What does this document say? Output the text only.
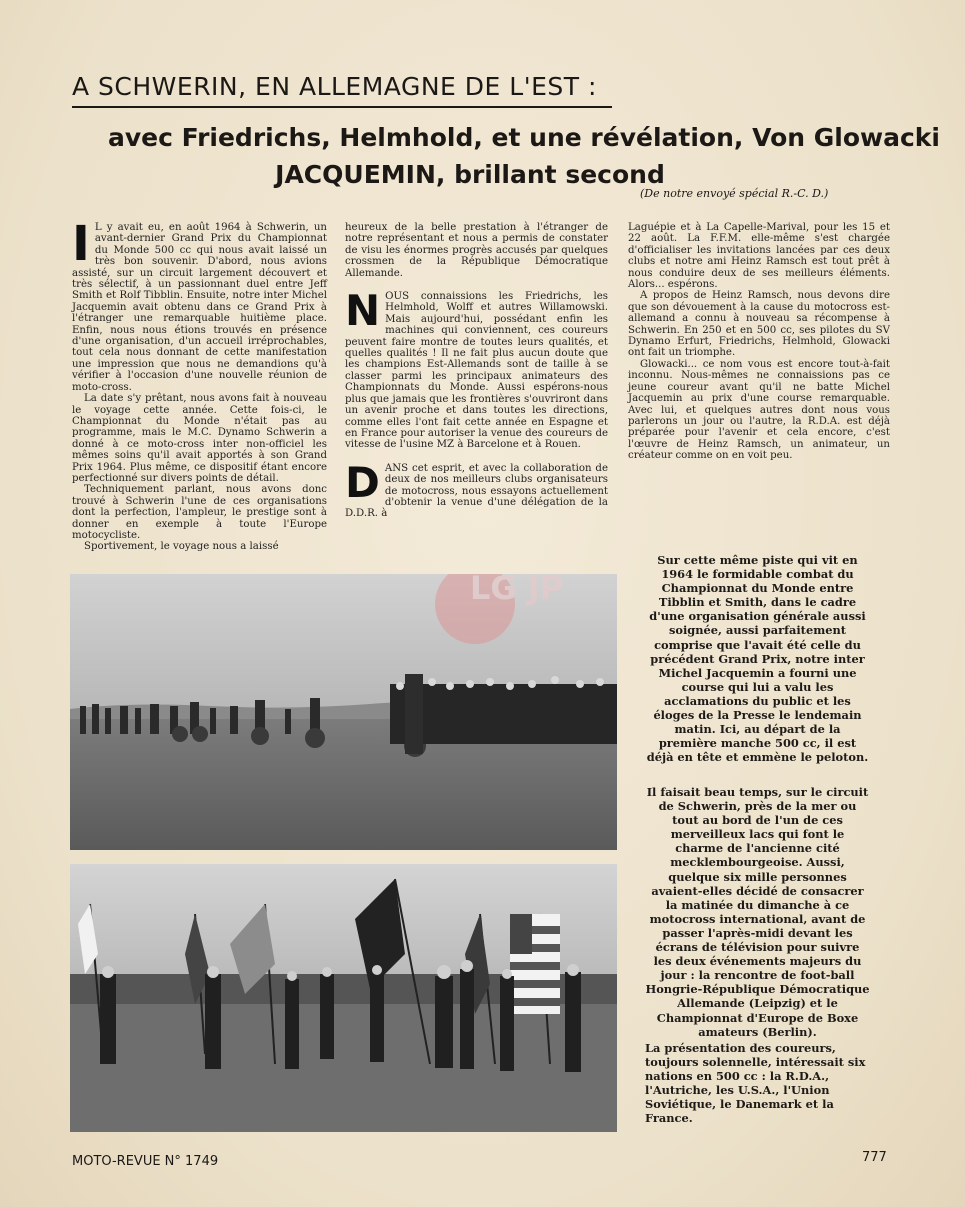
A SCHWERIN, EN ALLEMAGNE DE L'EST :
avec Friedrichs, Helmhold, et une révélation, Von Glowacki
JACQUEMIN, brillant second
(De notre envoyé spécial R.-C. D.)

I L y avait eu, en août 1964 à Schwerin, un avant-dernier Grand Prix du Championnat du Monde 500 cc qui nous avait laissé un très bon souvenir. D'abord, nous avions assisté, sur un circuit largement découvert et très sélectif, à un passionnant duel entre Jeff Smith et Rolf Tibblin. Ensuite, notre inter Michel Jacquemin avait obtenu dans ce Grand Prix à l'étranger une remarquable huitième place. Enfin, nous nous étions trouvés en présence d'une organisation, d'un accueil irréprochables, tout cela nous donnant de cette manifestation une impression que nous ne demandions qu'à vérifier à l'occasion d'une nouvelle réunion de moto-cross.

La date s'y prêtant, nous avons fait à nouveau le voyage cette année. Cette fois-ci, le Championnat du Monde n'était pas au programme, mais le M.C. Dynamo Schwerin a donné à ce moto-cross inter non-officiel les mêmes soins qu'il avait apportés à son Grand Prix 1964. Plus même, ce dispositif étant encore perfectionné sur divers points de détail.

Techniquement parlant, nous avons donc trouvé à Schwerin l'une de ces organisations dont la perfection, l'ampleur, le prestige sont à donner en exemple à toute l'Europe motocycliste.

Sportivement, le voyage nous a laissé

heureux de la belle prestation à l'étranger de notre représentant et nous a permis de constater de visu les énormes progrès accusés par quelques crossmen de la République Démocratique Allemande.

NOUS connaissions les Friedrichs, les Helmhold, Wolff et autres Willamowski. Mais aujourd'hui, possédant enfin les machines qui conviennent, ces coureurs peuvent faire montre de toutes leurs qualités, et quelles qualités ! Il ne fait plus aucun doute que les champions Est-Allemands sont de taille à se classer parmi les principaux animateurs des Championnats du Monde. Aussi espérons-nous plus que jamais que les frontières s'ouvriront dans un avenir proche et dans toutes les directions, comme elles l'ont fait cette année en Espagne et en France pour autoriser la venue des coureurs de vitesse de l'usine MZ à Barcelone et à Rouen.

DANS cet esprit, et avec la collaboration de deux de nos meilleurs clubs organisateurs de motocross, nous essayons actuellement d'obtenir la venue d'une délégation de la D.D.R. à

Laguépie et à La Capelle-Marival, pour les 15 et 22 août. La F.F.M. elle-même s'est chargée d'officialiser les invitations lancées par ces deux clubs et notre ami Heinz Ramsch est tout prêt à nous conduire deux de ses meilleurs éléments. Alors... espérons.

A propos de Heinz Ramsch, nous devons dire que son dévouement à la cause du motocross est-allemand a connu à nouveau sa récompense à Schwerin. En 250 et en 500 cc, ses pilotes du SV Dynamo Erfurt, Friedrichs, Helmhold, Glowacki ont fait un triomphe.

Glowacki... ce nom vous est encore tout-à-fait inconnu. Nous-mêmes ne connaissions pas ce jeune coureur avant qu'il ne batte Michel Jacquemin au prix d'une course remarquable. Avec lui, et quelques autres dont nous vous parlerons un jour ou l'autre, la R.D.A. est déjà préparée pour l'avenir et cela encore, c'est l'œuvre de Heinz Ramsch, un animateur, un créateur comme on en voit peu.

Sur cette même piste qui vit en 1964 le formidable combat du Championnat du Monde entre Tibblin et Smith, dans le cadre d'une organisation générale aussi soignée, aussi parfaitement comprise que l'avait été celle du précédent Grand Prix, notre inter Michel Jacquemin a fourni une course qui lui a valu les acclamations du public et les éloges de la Presse le lendemain matin. Ici, au départ de la première manche 500 cc, il est déjà en tête et emmène le peloton.
Il faisait beau temps, sur le circuit de Schwerin, près de la mer ou tout au bord de l'un de ces merveilleux lacs qui font le charme de l'ancienne cité mecklembourgeoise. Aussi, quelque six mille personnes avaient-elles décidé de consacrer la matinée du dimanche à ce motocross international, avant de passer l'après-midi devant les écrans de télévision pour suivre les deux événements majeurs du jour : la rencontre de foot-ball Hongrie-République Démocratique Allemande (Leipzig) et le Championnat d'Europe de Boxe amateurs (Berlin).
La présentation des coureurs, toujours solennelle, intéressait six nations en 500 cc : la R.D.A., l'Autriche, les U.S.A., l'Union Soviétique, le Danemark et la France.
LG JP
MOTO-REVUE N° 1749	777
